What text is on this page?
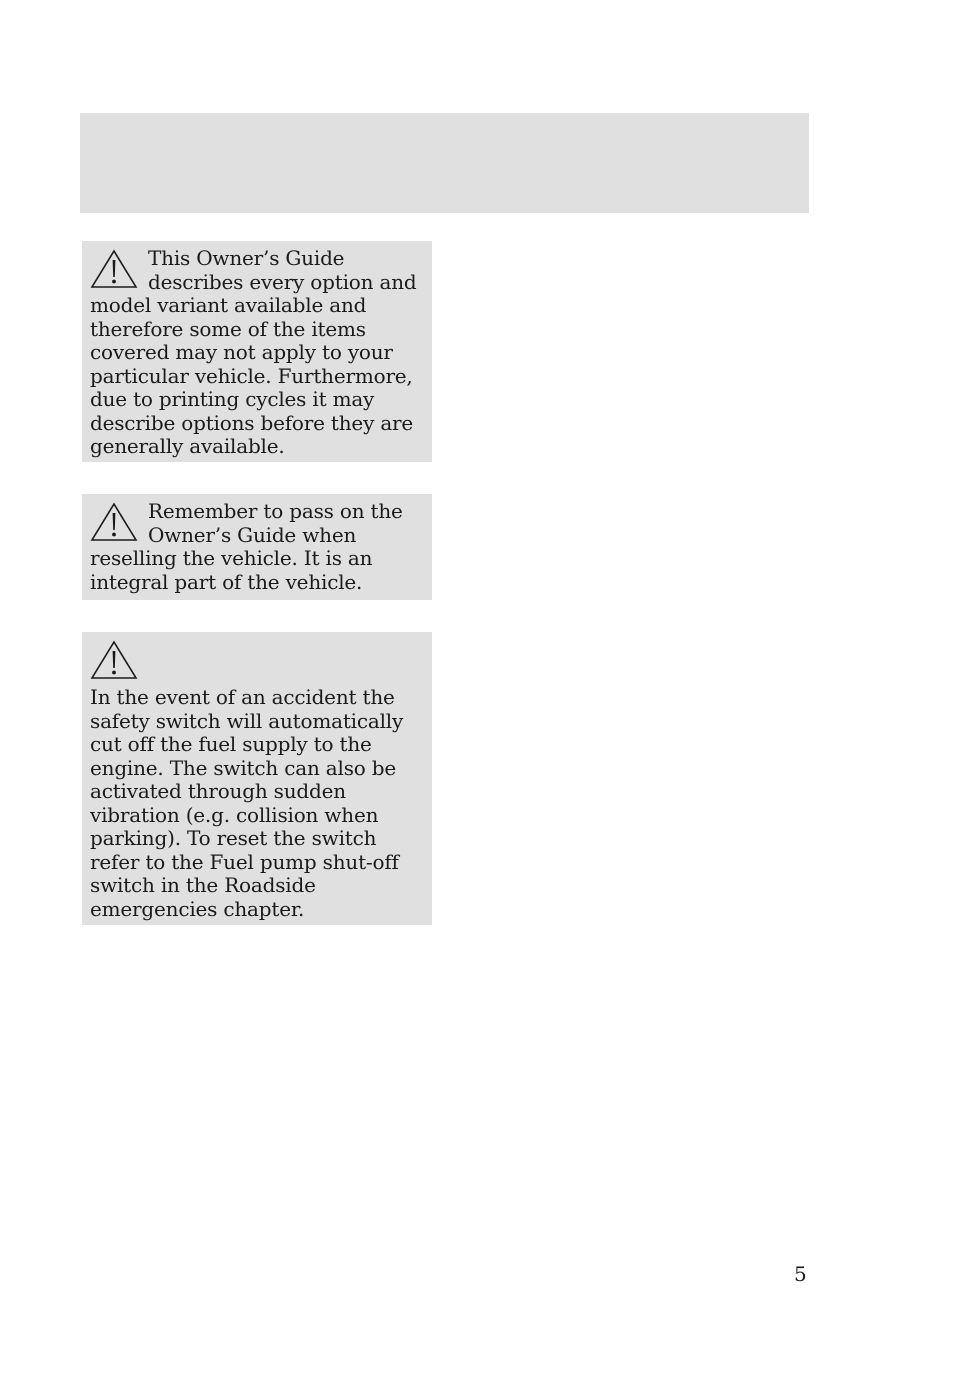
This Owner’s Guide describes every option and model variant available and therefore some of the items covered may not apply to your particular vehicle. Furthermore, due to printing cycles it may describe options before they are generally available.
Remember to pass on the Owner’s Guide when reselling the vehicle. It is an integral part of the vehicle.
In the event of an accident the safety switch will automatically cut off the fuel supply to the engine. The switch can also be activated through sudden vibration (e.g. collision when parking). To reset the switch refer to the Fuel pump shut-off switch in the Roadside emergencies chapter.
5
